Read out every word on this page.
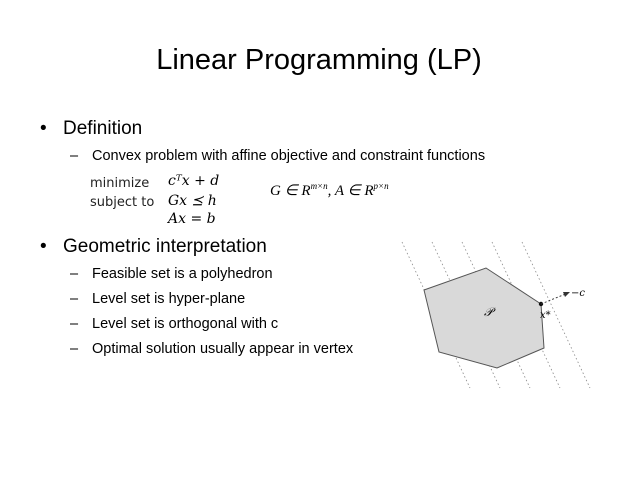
Linear Programming (LP)
• Definition
– Convex problem with affine objective and constraint functions
minimize cᵀx + d
subject to Gx ⪯ h
Ax = b
G ∈ $R^{m\times n}$, A ∈ $R^{p\times n}$
• Geometric interpretation
– Feasible set is a polyhedron
– Level set is hyper-plane
– Level set is orthogonal with c
– Optimal solution usually appear in vertex
𝒫	x*
−c
